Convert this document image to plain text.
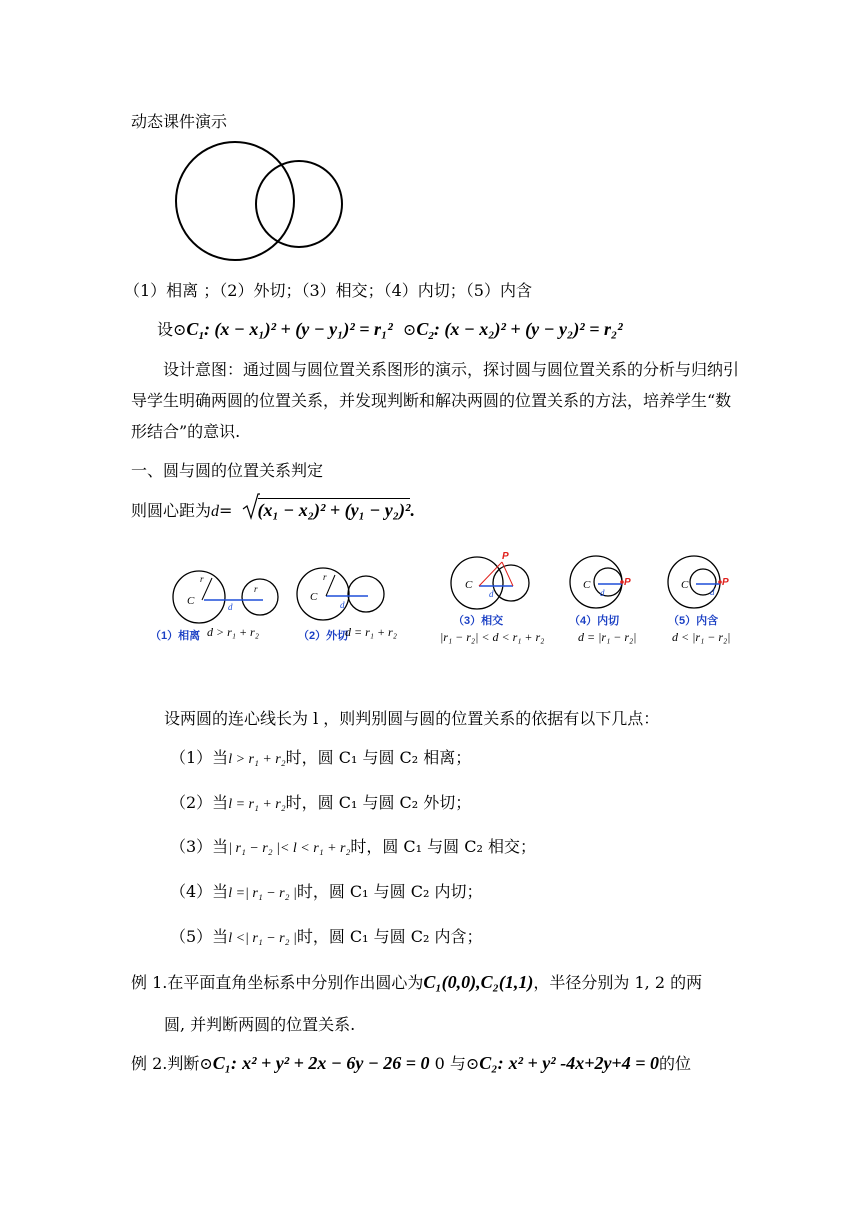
动态课件演示
（1）相离 ；（2）外切；（3）相交；（4）内切；（5）内含
设$⊙C_1$: (x − x₁)² + (y − y₁)² = r₁² $⊙C_2$: (x − x₂)² + (y − y₂)² = r₂²
设计意图：通过圆与圆位置关系图形的演示，探讨圆与圆位置关系的分析与归纳引导学生明确两圆的位置关系，并发现判断和解决两圆的位置关系的方法，培养学生“数形结合”的意识.
一、圆与圆的位置关系判定
则圆心距为d= (x₁ − x₂)² + (y₁ − y₂)².
C
r
d
r
C
r
d
P
C
d
P
C
d
P
C
d
（1）相离 d > r₁ + r₂	（2）外切
d = r₁ + r₂
（3）相交
|r₁ − r₂| < d < r₁ + r₂
（4）内切
d = |r₁ − r₂|
（5）内含
d < |r₁ − r₂|
设两圆的连心线长为 l ，则判别圆与圆的位置关系的依据有以下几点：
（1）当l > r₁ + r₂时，圆 C₁ 与圆 C₂ 相离；
（2）当l = r₁ + r₂时，圆 C₁ 与圆 C₂ 外切；
（3）当| r₁ − r₂ |< l < r₁ + r₂时，圆 C₁ 与圆 C₂ 相交；
（4）当l =| r₁ − r₂ |时，圆 C₁ 与圆 C₂ 内切；
（5）当l <| r₁ − r₂ |时，圆 C₁ 与圆 C₂ 内含；
例 1.在平面直角坐标系中分别作出圆心为C₁(0,0),C₂(1,1)，半径分别为 1, 2 的两
圆, 并判断两圆的位置关系.
例 2.判断⊙C₁: x² + y² + 2x − 6y − 26 = 0 0 与⊙C₂: x² + y² -4x+2y+4 = 0的位
